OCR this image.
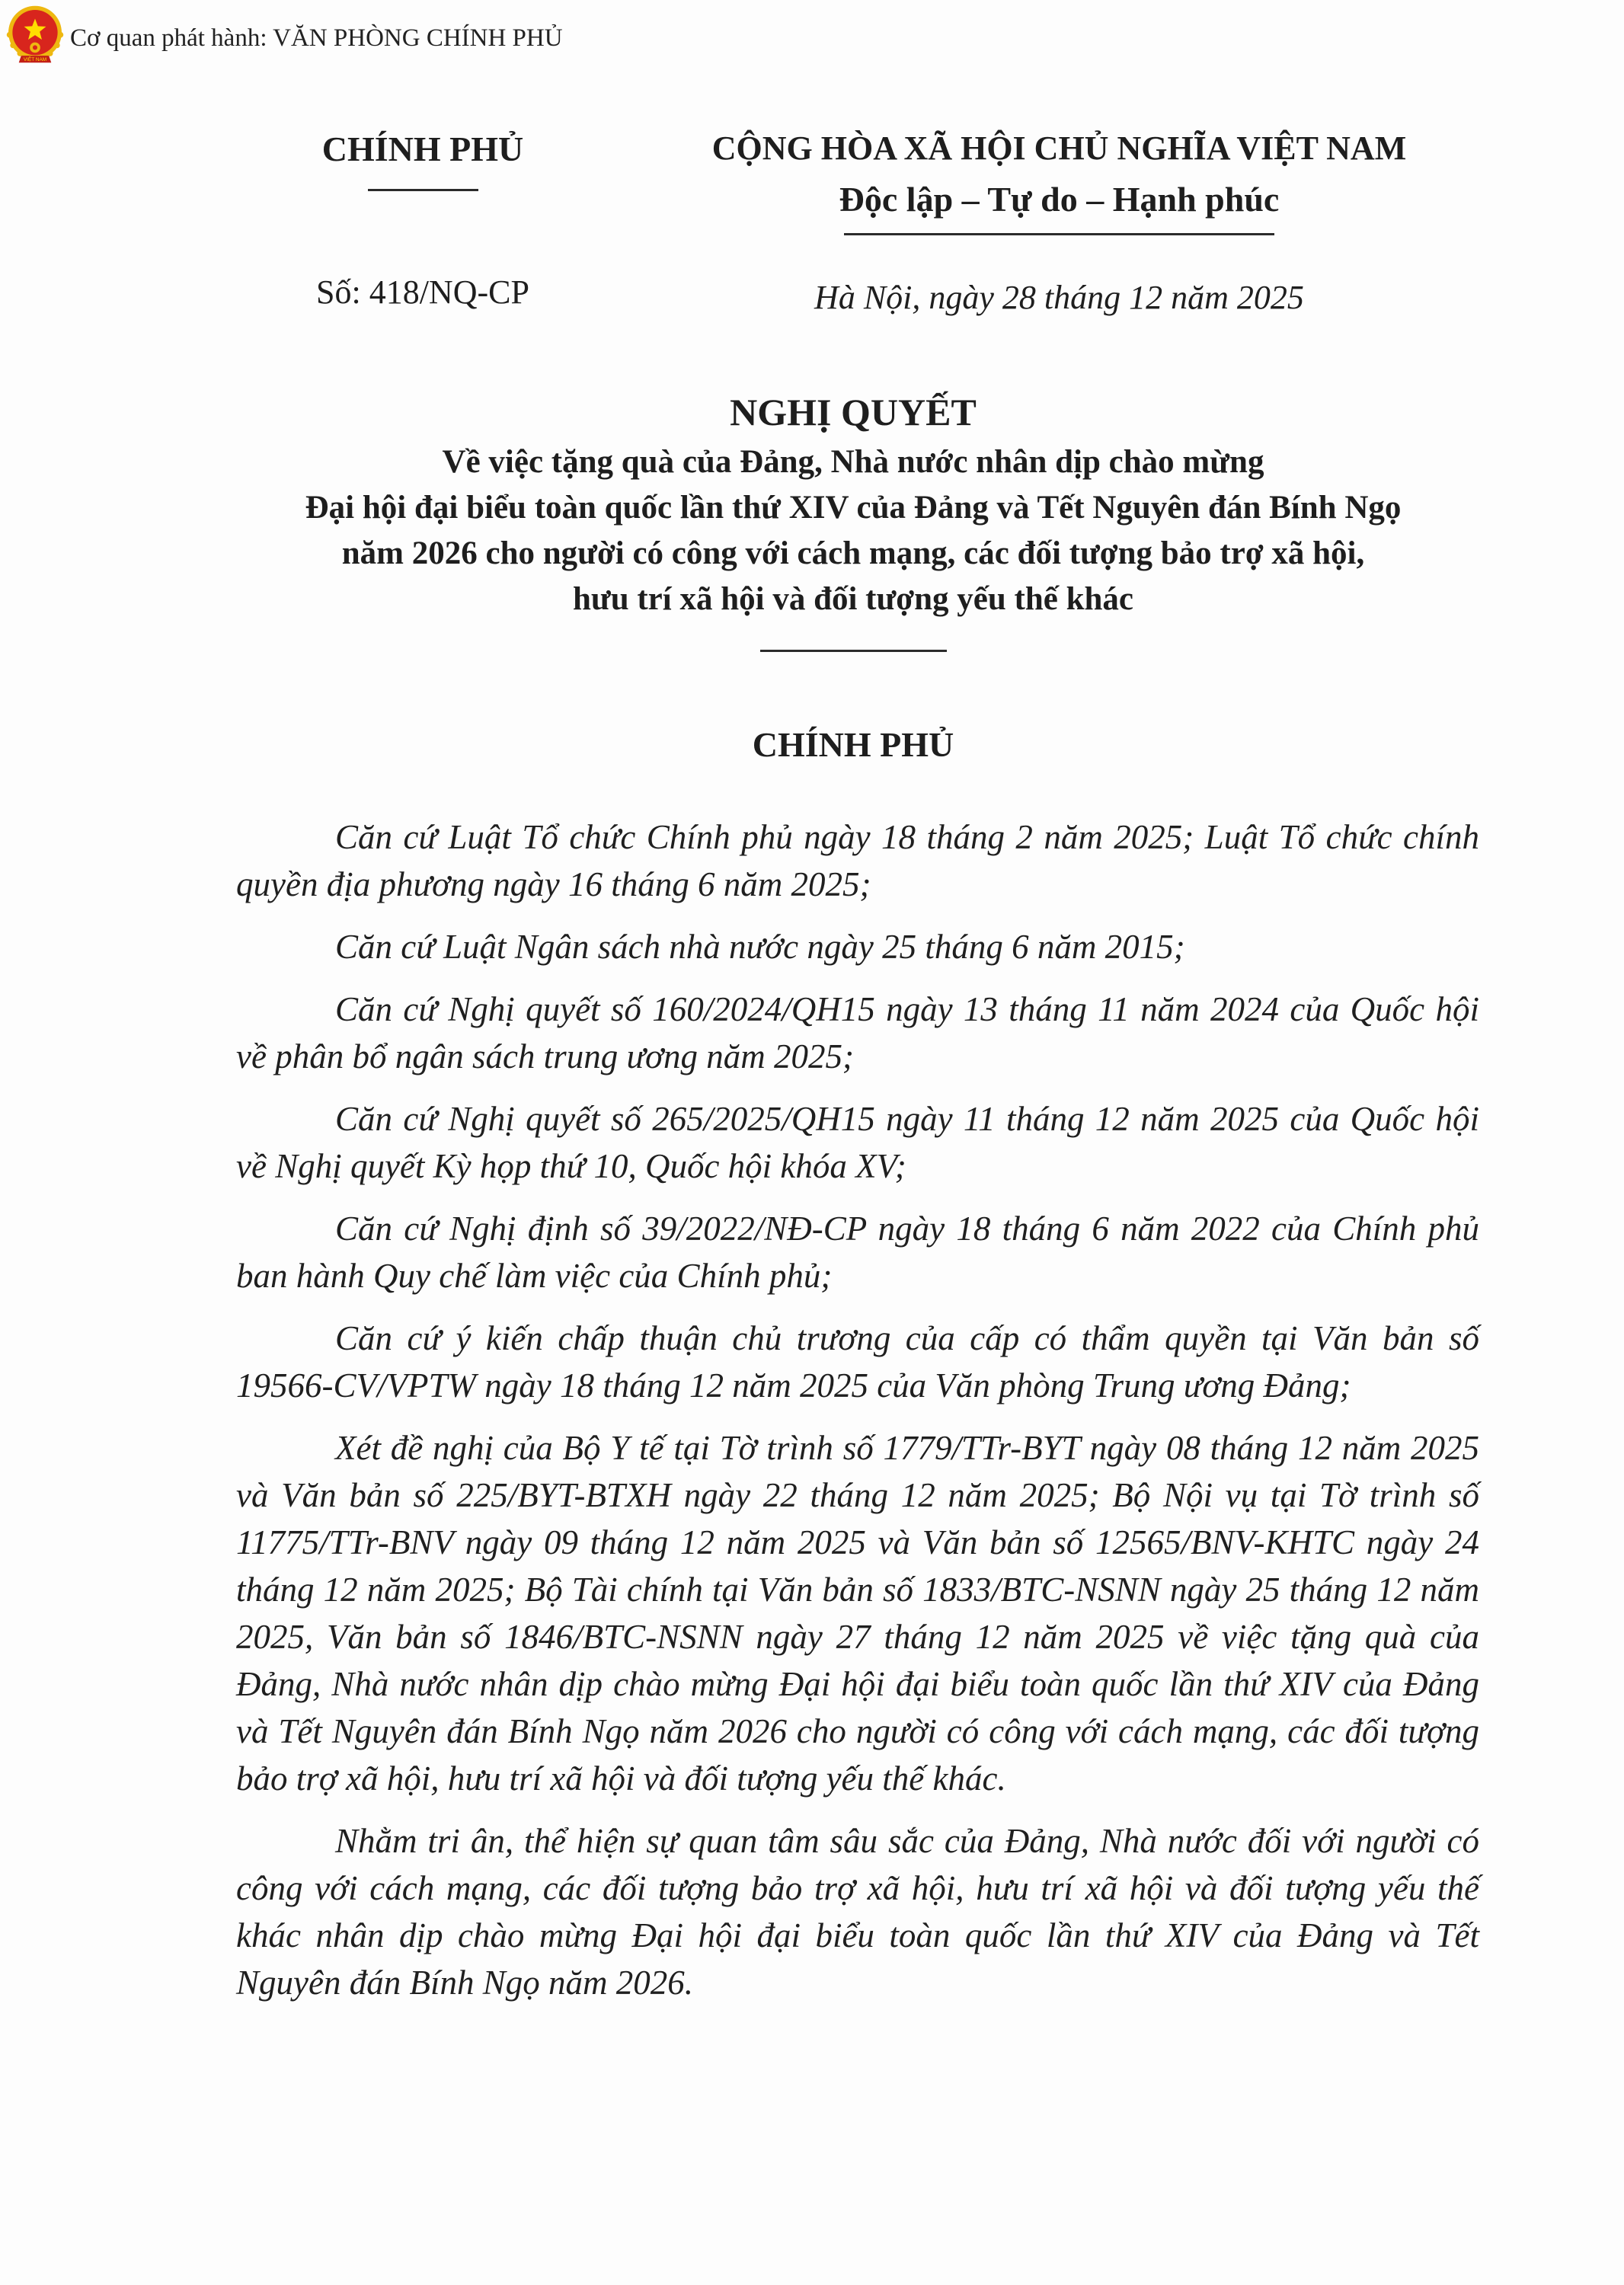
VIỆT NAM
Cơ quan phát hành: VĂN PHÒNG CHÍNH PHỦ
CHÍNH PHỦ
Số: 418/NQ-CP
CỘNG HÒA XÃ HỘI CHỦ NGHĨA VIỆT NAM
Độc lập – Tự do – Hạnh phúc
Hà Nội, ngày 28 tháng 12 năm 2025
NGHỊ QUYẾT
Về việc tặng quà của Đảng, Nhà nước nhân dịp chào mừng
Đại hội đại biểu toàn quốc lần thứ XIV của Đảng và Tết Nguyên đán Bính Ngọ
năm 2026 cho người có công với cách mạng, các đối tượng bảo trợ xã hội,
hưu trí xã hội và đối tượng yếu thế khác
CHÍNH PHỦ

Căn cứ Luật Tổ chức Chính phủ ngày 18 tháng 2 năm 2025; Luật Tổ chức chính quyền địa phương ngày 16 tháng 6 năm 2025;

Căn cứ Luật Ngân sách nhà nước ngày 25 tháng 6 năm 2015;

Căn cứ Nghị quyết số 160/2024/QH15 ngày 13 tháng 11 năm 2024 của Quốc hội về phân bổ ngân sách trung ương năm 2025;

Căn cứ Nghị quyết số 265/2025/QH15 ngày 11 tháng 12 năm 2025 của Quốc hội về Nghị quyết Kỳ họp thứ 10, Quốc hội khóa XV;

Căn cứ Nghị định số 39/2022/NĐ-CP ngày 18 tháng 6 năm 2022 của Chính phủ ban hành Quy chế làm việc của Chính phủ;

Căn cứ ý kiến chấp thuận chủ trương của cấp có thẩm quyền tại Văn bản số 19566-CV/VPTW ngày 18 tháng 12 năm 2025 của Văn phòng Trung ương Đảng;

Xét đề nghị của Bộ Y tế tại Tờ trình số 1779/TTr-BYT ngày 08 tháng 12 năm 2025 và Văn bản số 225/BYT-BTXH ngày 22 tháng 12 năm 2025; Bộ Nội vụ tại Tờ trình số 11775/TTr-BNV ngày 09 tháng 12 năm 2025 và Văn bản số 12565/BNV-KHTC ngày 24 tháng 12 năm 2025; Bộ Tài chính tại Văn bản số 1833/BTC-NSNN ngày 25 tháng 12 năm 2025, Văn bản số 1846/BTC-NSNN ngày 27 tháng 12 năm 2025 về việc tặng quà của Đảng, Nhà nước nhân dịp chào mừng Đại hội đại biểu toàn quốc lần thứ XIV của Đảng và Tết Nguyên đán Bính Ngọ năm 2026 cho người có công với cách mạng, các đối tượng bảo trợ xã hội, hưu trí xã hội và đối tượng yếu thế khác.

Nhằm tri ân, thể hiện sự quan tâm sâu sắc của Đảng, Nhà nước đối với người có công với cách mạng, các đối tượng bảo trợ xã hội, hưu trí xã hội và đối tượng yếu thế khác nhân dịp chào mừng Đại hội đại biểu toàn quốc lần thứ XIV của Đảng và Tết Nguyên đán Bính Ngọ năm 2026.
